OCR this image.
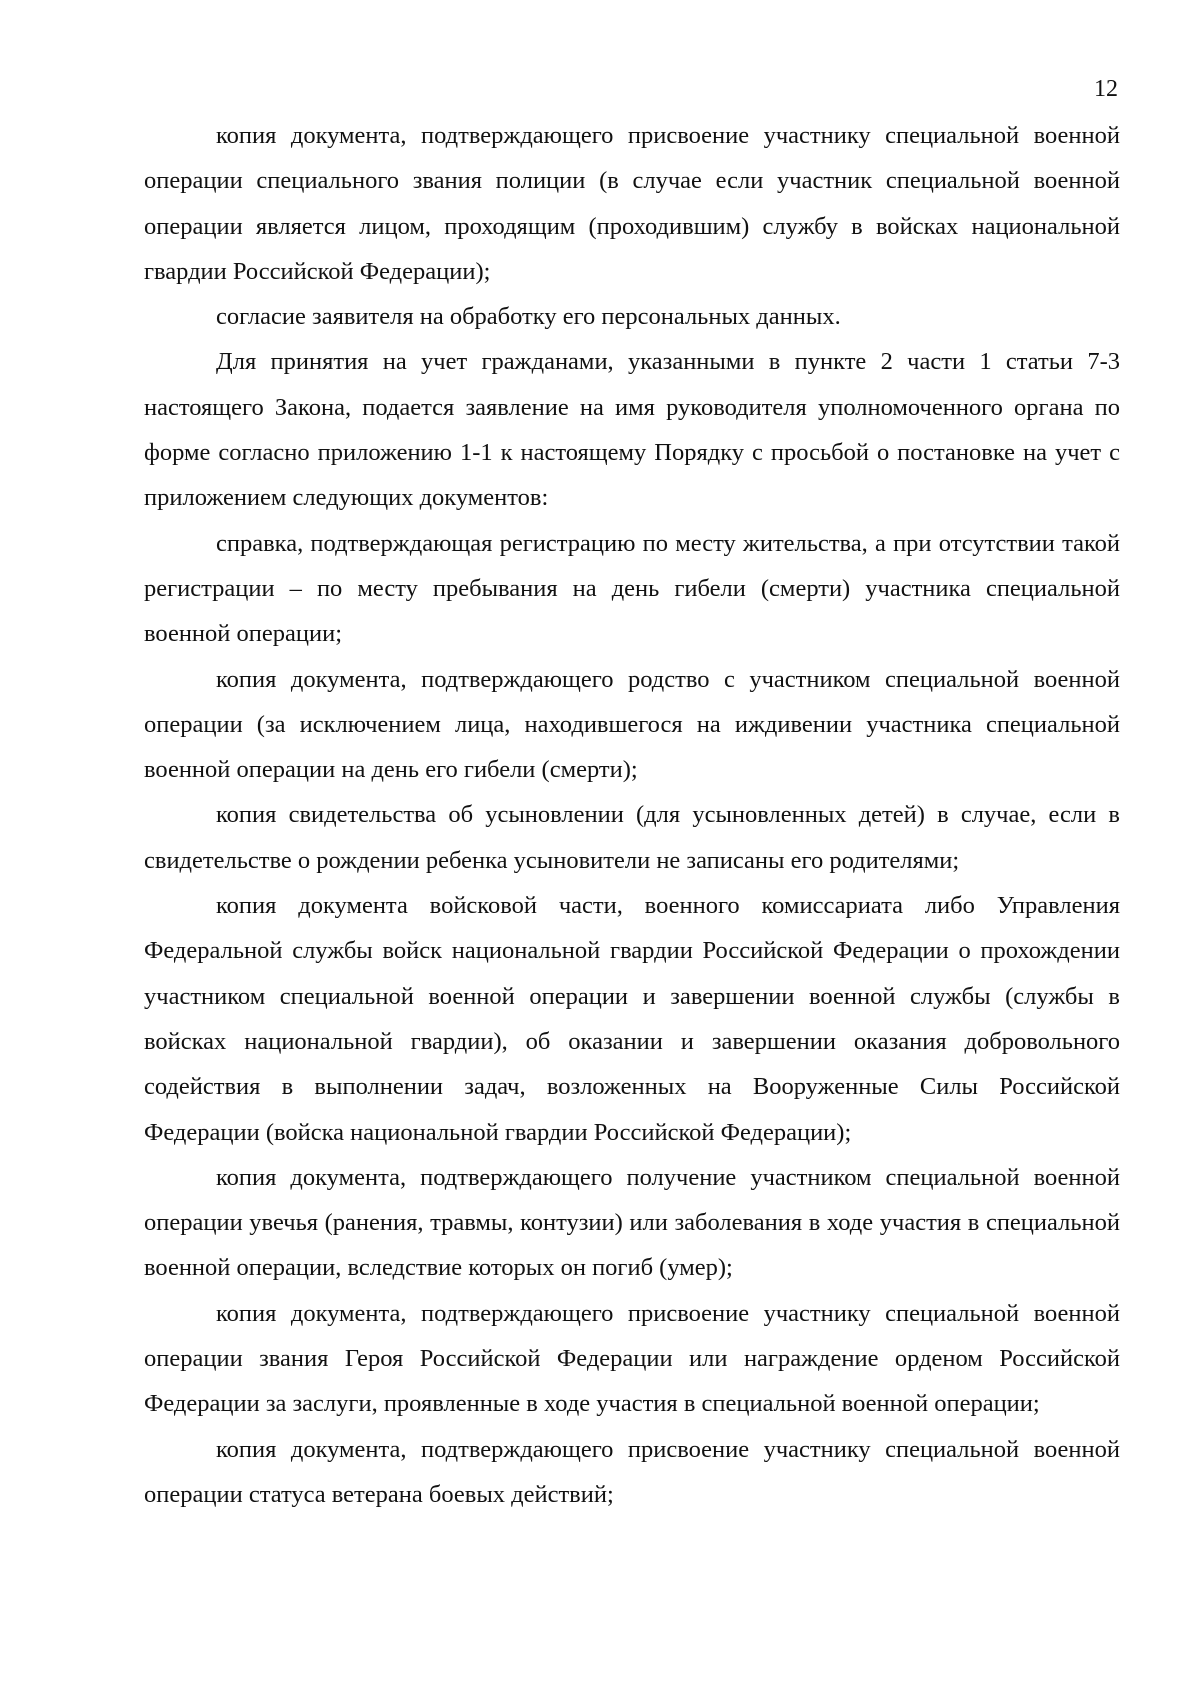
12

копия документа, подтверждающего присвоение участнику специальной военной операции специального звания полиции (в случае если участник специальной военной операции является лицом, проходящим (проходившим) службу в войсках национальной гвардии Российской Федерации);

согласие заявителя на обработку его персональных данных.

Для принятия на учет гражданами, указанными в пункте 2 части 1 статьи 7-3 настоящего Закона, подается заявление на имя руководителя уполномоченного органа по форме согласно приложению 1-1 к настоящему Порядку с просьбой о постановке на учет с приложением следующих документов:

справка, подтверждающая регистрацию по месту жительства, а при отсутствии такой регистрации – по месту пребывания на день гибели (смерти) участника специальной военной операции;

копия документа, подтверждающего родство с участником специальной военной операции (за исключением лица, находившегося на иждивении участника специальной военной операции на день его гибели (смерти);

копия свидетельства об усыновлении (для усыновленных детей) в случае, если в свидетельстве о рождении ребенка усыновители не записаны его родителями;

копия документа войсковой части, военного комиссариата либо Управления Федеральной службы войск национальной гвардии Российской Федерации о прохождении участником специальной военной операции и завершении военной службы (службы в войсках национальной гвардии), об оказании и завершении оказания добровольного содействия в выполнении задач, возложенных на Вооруженные Силы Российской Федерации (войска национальной гвардии Российской Федерации);

копия документа, подтверждающего получение участником специальной военной операции увечья (ранения, травмы, контузии) или заболевания в ходе участия в специальной военной операции, вследствие которых он погиб (умер);

копия документа, подтверждающего присвоение участнику специальной военной операции звания Героя Российской Федерации или награждение орденом Российской Федерации за заслуги, проявленные в ходе участия в специальной военной операции;

копия документа, подтверждающего присвоение участнику специальной военной операции статуса ветерана боевых действий;
